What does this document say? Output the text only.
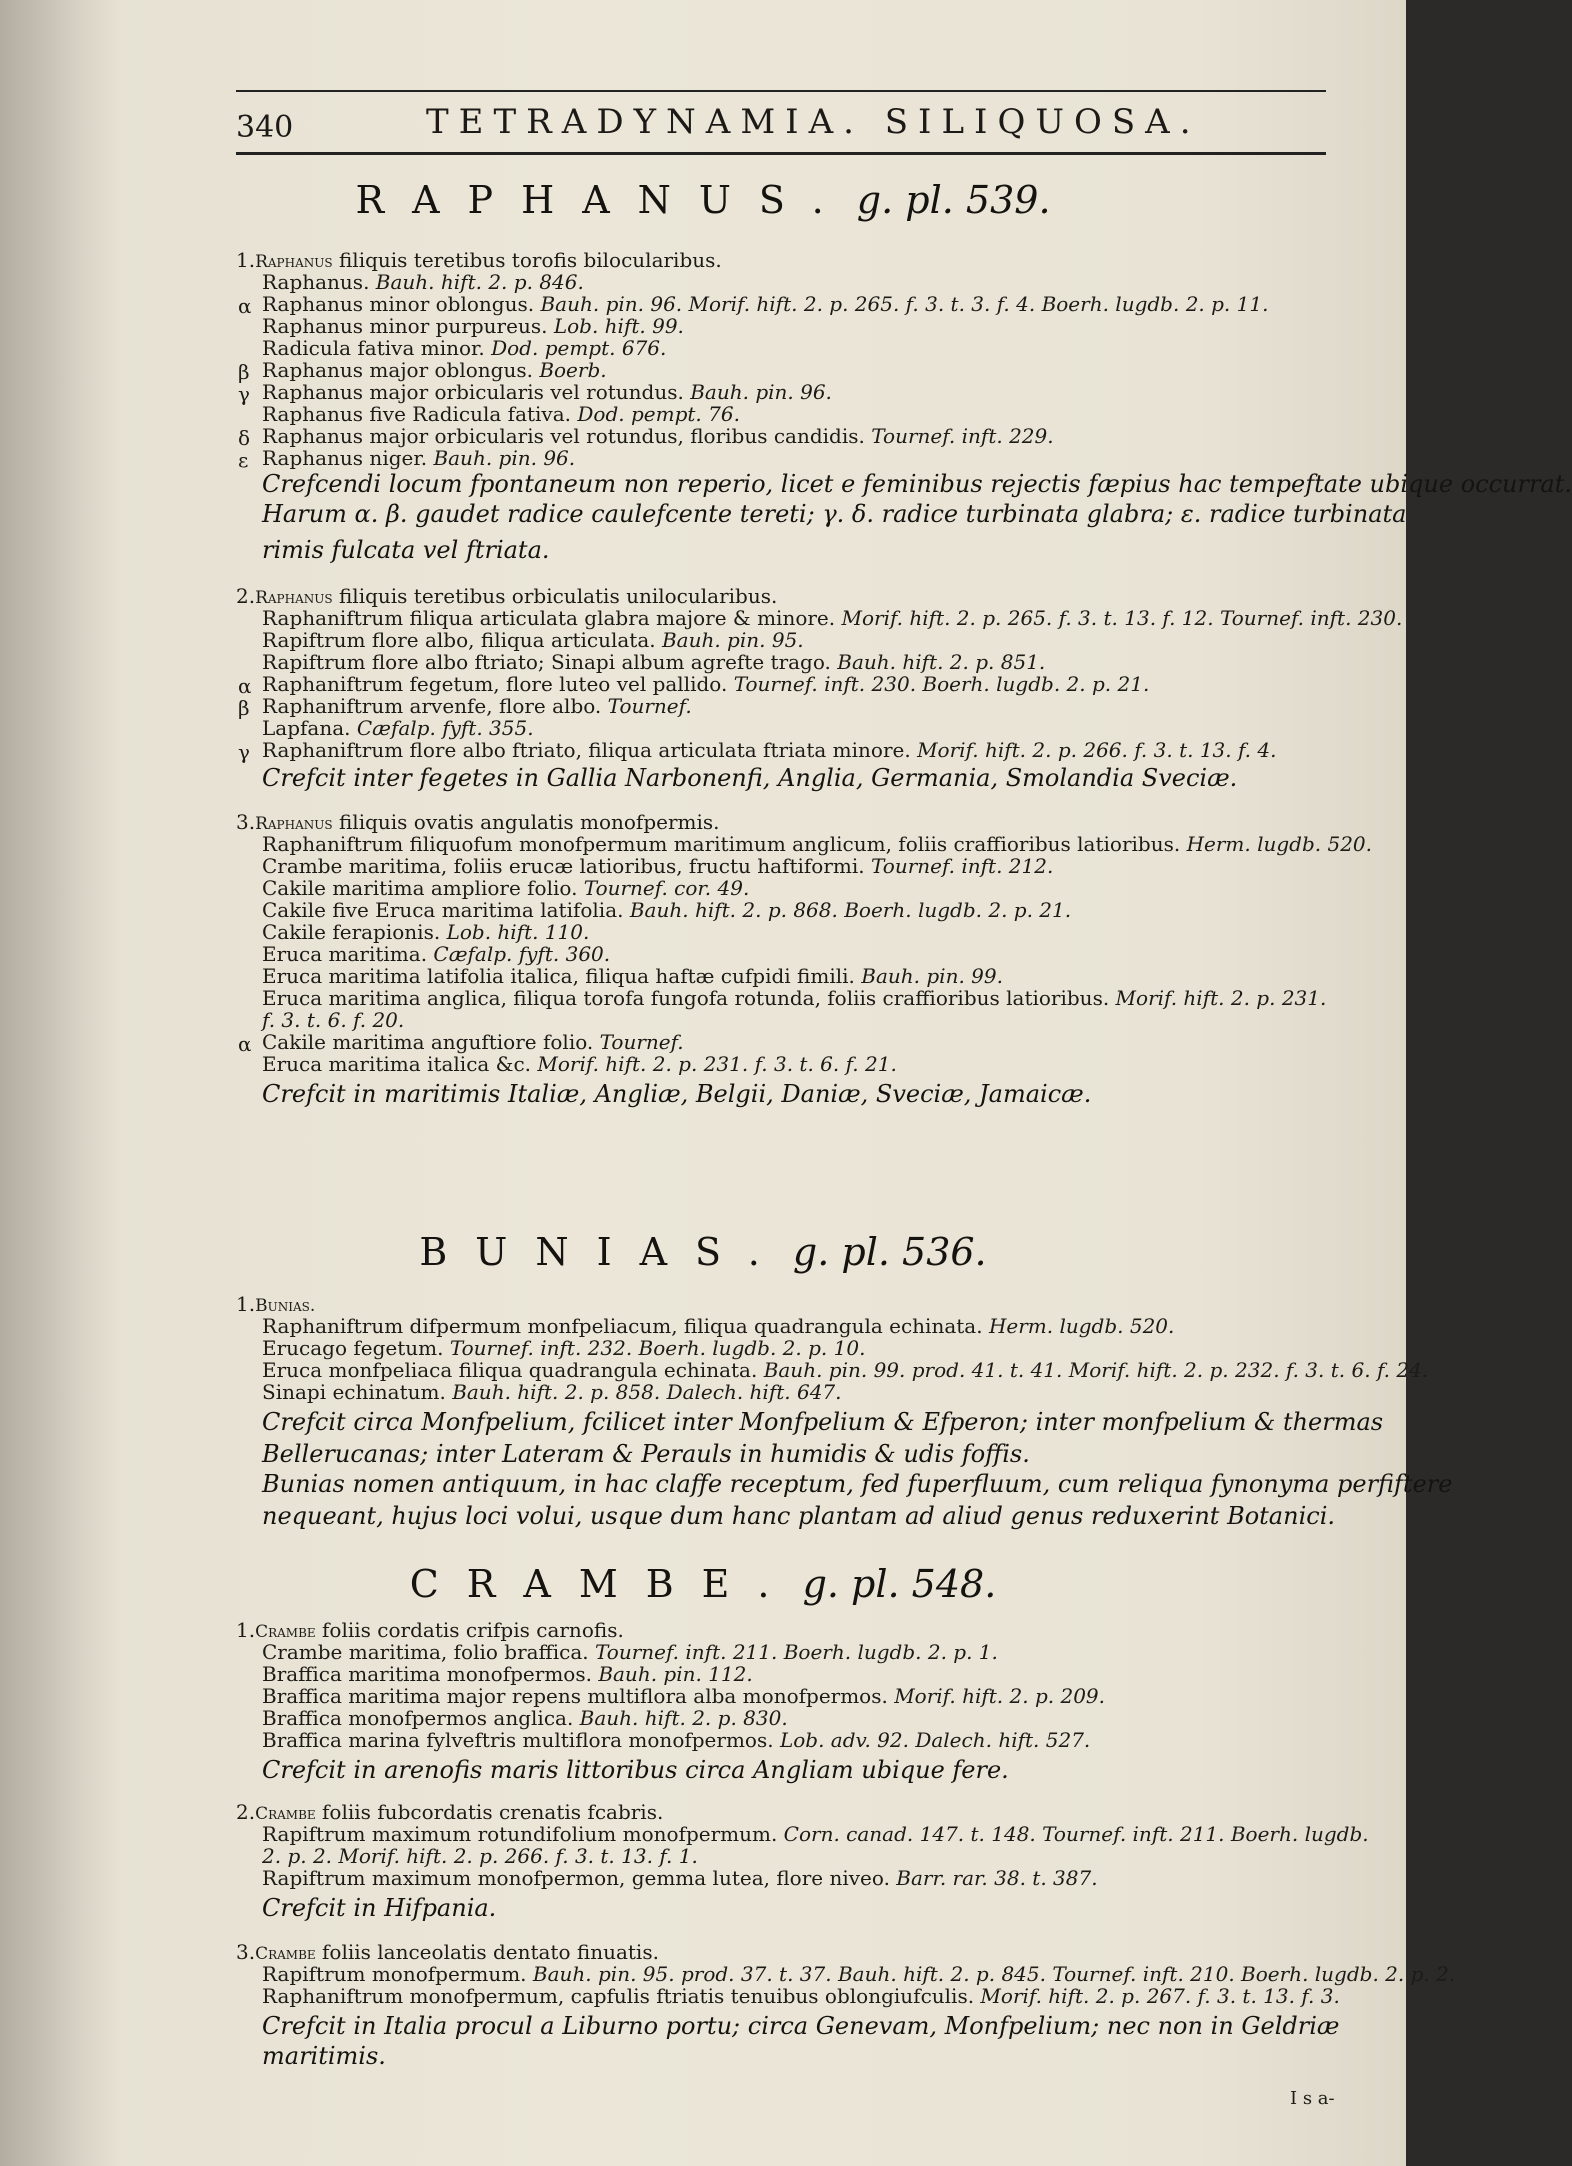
340	TETRADYNAMIA. SILIQUOSA.
RAPHANUS. g. pl. 539.
BUNIAS. g. pl. 536.
CRAMBE. g. pl. 548.
1.Raphanus filiquis teretibus torofis bilocularibus.
Raphanus. Bauh. hift. 2. p. 846.
α Raphanus minor oblongus. Bauh. pin. 96. Morif. hift. 2. p. 265. f. 3. t. 3. f. 4. Boerh. lugdb. 2. p. 11.
Raphanus minor purpureus. Lob. hift. 99.
Radicula fativa minor. Dod. pempt. 676.
β Raphanus major oblongus. Boerb.
γ Raphanus major orbicularis vel rotundus. Bauh. pin. 96.
Raphanus five Radicula fativa. Dod. pempt. 76.
δ Raphanus major orbicularis vel rotundus, floribus candidis. Tournef. inft. 229.
ε Raphanus niger. Bauh. pin. 96.
Crefcendi locum fpontaneum non reperio, licet e feminibus rejectis fæpius hac tempeftate ubique occurrat.
Harum α. β. gaudet radice caulefcente tereti; γ. δ. radice turbinata glabra; ε. radice turbinata
rimis fulcata vel ftriata.
2.Raphanus filiquis teretibus orbiculatis unilocularibus.
Raphaniftrum filiqua articulata glabra majore & minore. Morif. hift. 2. p. 265. f. 3. t. 13. f. 12. Tournef. inft. 230.
Rapiftrum flore albo, filiqua articulata. Bauh. pin. 95.
Rapiftrum flore albo ftriato; Sinapi album agrefte trago. Bauh. hift. 2. p. 851.
α Raphaniftrum fegetum, flore luteo vel pallido. Tournef. inft. 230. Boerh. lugdb. 2. p. 21.
β Raphaniftrum arvenfe, flore albo. Tournef.
Lapfana. Cæfalp. fyft. 355.
γ Raphaniftrum flore albo ftriato, filiqua articulata ftriata minore. Morif. hift. 2. p. 266. f. 3. t. 13. f. 4.
Crefcit inter fegetes in Gallia Narbonenfi, Anglia, Germania, Smolandia Sveciæ.
3.Raphanus filiquis ovatis angulatis monofpermis.
Raphaniftrum filiquofum monofpermum maritimum anglicum, foliis craffioribus latioribus. Herm. lugdb. 520.
Crambe maritima, foliis erucæ latioribus, fructu haftiformi. Tournef. inft. 212.
Cakile maritima ampliore folio. Tournef. cor. 49.
Cakile five Eruca maritima latifolia. Bauh. hift. 2. p. 868. Boerh. lugdb. 2. p. 21.
Cakile ferapionis. Lob. hift. 110.
Eruca maritima. Cæfalp. fyft. 360.
Eruca maritima latifolia italica, filiqua haftæ cufpidi fimili. Bauh. pin. 99.
Eruca maritima anglica, filiqua torofa fungofa rotunda, foliis craffioribus latioribus. Morif. hift. 2. p. 231.
f. 3. t. 6. f. 20.
α Cakile maritima anguftiore folio. Tournef.
Eruca maritima italica &c. Morif. hift. 2. p. 231. f. 3. t. 6. f. 21.
Crefcit in maritimis Italiæ, Angliæ, Belgii, Daniæ, Sveciæ, Jamaicæ.
1.Bunias.
Raphaniftrum difpermum monfpeliacum, filiqua quadrangula echinata. Herm. lugdb. 520.
Erucago fegetum. Tournef. inft. 232. Boerh. lugdb. 2. p. 10.
Eruca monfpeliaca filiqua quadrangula echinata. Bauh. pin. 99. prod. 41. t. 41. Morif. hift. 2. p. 232. f. 3. t. 6. f. 24.
Sinapi echinatum. Bauh. hift. 2. p. 858. Dalech. hift. 647.
Crefcit circa Monfpelium, fcilicet inter Monfpelium & Efperon; inter monfpelium & thermas
Bellerucanas; inter Lateram & Perauls in humidis & udis foffis.
Bunias nomen antiquum, in hac claffe receptum, fed fuperfluum, cum reliqua fynonyma perfiftere
nequeant, hujus loci volui, usque dum hanc plantam ad aliud genus reduxerint Botanici.
1.Crambe foliis cordatis crifpis carnofis.
Crambe maritima, folio braffica. Tournef. inft. 211. Boerh. lugdb. 2. p. 1.
Braffica maritima monofpermos. Bauh. pin. 112.
Braffica maritima major repens multiflora alba monofpermos. Morif. hift. 2. p. 209.
Braffica monofpermos anglica. Bauh. hift. 2. p. 830.
Braffica marina fylveftris multiflora monofpermos. Lob. adv. 92. Dalech. hift. 527.
Crefcit in arenofis maris littoribus circa Angliam ubique fere.
2.Crambe foliis fubcordatis crenatis fcabris.
Rapiftrum maximum rotundifolium monofpermum. Corn. canad. 147. t. 148. Tournef. inft. 211. Boerh. lugdb.
2. p. 2. Morif. hift. 2. p. 266. f. 3. t. 13. f. 1.
Rapiftrum maximum monofpermon, gemma lutea, flore niveo. Barr. rar. 38. t. 387.
Crefcit in Hifpania.
3.Crambe foliis lanceolatis dentato finuatis.
Rapiftrum monofpermum. Bauh. pin. 95. prod. 37. t. 37. Bauh. hift. 2. p. 845. Tournef. inft. 210. Boerh. lugdb. 2. p. 2.
Raphaniftrum monofpermum, capfulis ftriatis tenuibus oblongiufculis. Morif. hift. 2. p. 267. f. 3. t. 13. f. 3.
Crefcit in Italia procul a Liburno portu; circa Genevam, Monfpelium; nec non in Geldriæ
maritimis.
I s a-
